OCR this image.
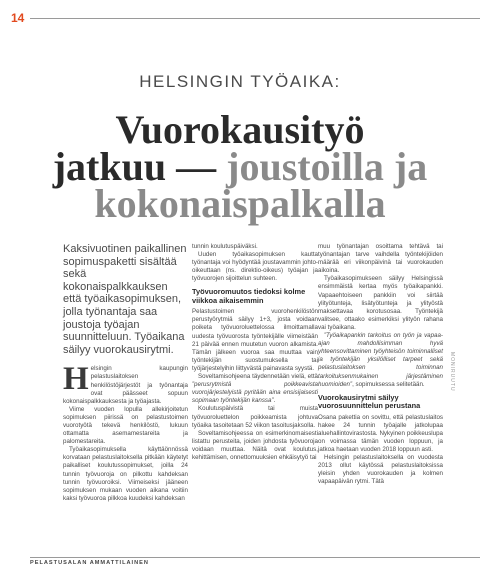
14
HELSINGIN TYÖAIKA:
Vuorokausityö
jatkuu — joustoilla ja
kokonaispalkalla
MONIRUUTU

Kaksivuotinen paikallinen sopimuspaketti sisältää sekä kokonaispalkkauksen että työaikasopimuksen, jolla työnantaja saa joustoja työajan suunnitteluun. Työaikana säilyy vuorokausirytmi.

Helsingin kaupungin pelastuslaitoksen henkilöstöjärjestöt ja työnantaja ovat päässeet sopuun kokonaispalkkauksesta ja työajasta.

Viime vuoden lopulla allekirjoitetun sopimuksen piirissä on pelastustoimen vuorotyötä tekevä henkilöstö, lukuun ottamatta asemamestareita ja palomestareita.

Työaikasopimuksella käyttäönnössä korvataan pelastuslaitoksella pitkään käytetyt paikalliset koulutussopimukset, joilla 24 tunnin työvuoroja on pilkottu kahdeksan tunnin työvuoroiksi. Viimeiseksi jääneen sopimuksen mukaan vuoden aikana voitiin kaksi työvuoroa pilkkoa kuudeksi kahdeksan

tunnin koulutuspäiväksi.

Uuden työaikasopimuksen kautta työnantaja voi hyödyntää joustavammin johto-oikeuttaan (ns. direktio-oikeus) työajan ja työvuorojen sijoittelun suhteen.

Työvuoromuutos tiedoksi kolme viikkoa aikaisemmin

Pelastustoimen vuorohenkilöstön perustyörytmiä säilyy 1+3, josta voidaan poiketa työvuoroluettelossa ilmoittamalla uudesta työvuorosta työntekijälle viimeistään 21 päivää ennen muutetun vuoron alkamista. Tämän jälkeen vuoroa saa muuttaa vain työntekijän suostumuksella tai työjärjestelyihin liittyvästä painavasta syystä.

Soveltamisohjeena täydennetään vielä, että ”perusrytmistä poikkeavista vuorojärjestelyistä pyritään aina ensisijaisesti sopimaan työntekijän kanssa”.

Koulutuspäivistä tai muista työvuoroluettelon poikkeamista johtuva työaika tasoitetaan 52 viikon tasoitusjaksolla.

Soveltamisohjeessa on esimerkinomaisesti listattu perusteita, joiden johdosta työvuoroja voidaan muuttaa. Näitä ovat koulutus, kehittämisen, onnettomuuksien ehkäisytyö tai

muu työnantajan osoittama tehtävä tai työnantajan tarve vaihdella työntekijöiden määrää eri viikonpäivinä tai vuorokauden aikoina.

Työaikasopimukseen säilyy Helsingissä ensimmäistä kertaa myös työaikapankki. Vapaaehtoiseen pankkiin voi siirtää ylityötunteja, lisätyötunteja ja ylityöstä maksettavaa korotusosaa. Työntekijä valitsee, ottaako esimerkiksi ylityön rahana vai työaikana.

”Työaikapankin tarkoitus on työn ja vapaa-ajan mahdollisimman hyvä yhteensovittaminen työyhteisön toiminnalliset ja työntekijän yksilölliset tarpeet sekä pelastuslaitoksen toiminnan tarkoituksenmukainen järjestäminen huomioiden”, sopimuksessa selitetään.

Vuorokausirytmi säilyy vuorosuunnittelun perustana

Osana pakettia on sovittu, että pelastuslaitos hakee 24 tunnin työajalle jatkolupaa aluehallintovirastosta. Nykyinen poikkeuslupa on voimassa tämän vuoden loppuun, ja jatkoa haetaan vuoden 2018 loppuun asti.

Helsingin pelastuslaitoksella on vuodesta 2013 ollut käytössä pelastuslaitoksissa yleisin yhden vuorokauden ja kolmen vapaapäivän rytmi. Tätä

PELASTUSALAN AMMATTILAINEN
